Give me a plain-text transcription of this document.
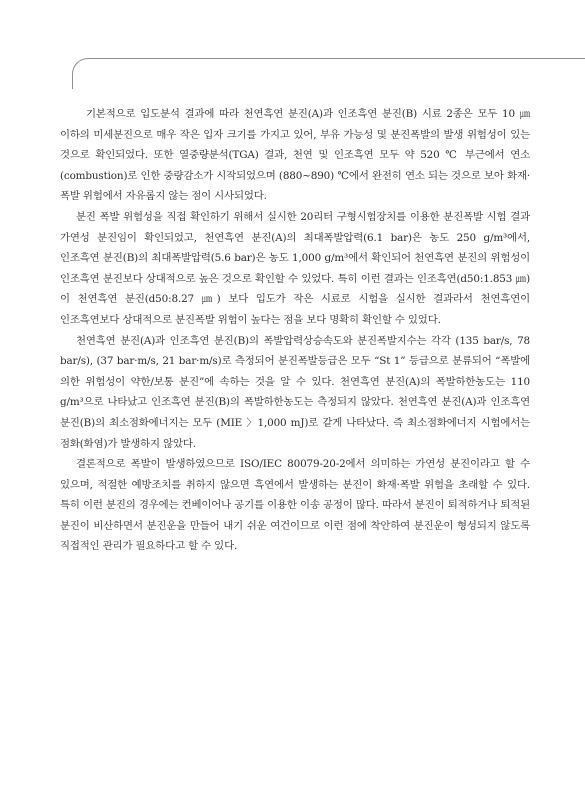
기본적으로 입도분석 결과에 따라 천연흑연 분진(A)과 인조흑연 분진(B) 시료 2종은 모두 10 ㎛ 이하의 미세분진으로 매우 작은 입자 크기를 가지고 있어, 부유 가능성 및 분진폭발의 발생 위험성이 있는 것으로 확인되었다. 또한 열중량분석(TGA) 결과, 천연 및 인조흑연 모두 약 520 ℃ 부근에서 연소(combustion)로 인한 중량감소가 시작되었으며 (880~890) ℃에서 완전히 연소 되는 것으로 보아 화재·폭발 위험에서 자유롭지 않는 점이 시사되었다.

분진 폭발 위험성을 직접 확인하기 위해서 실시한 20리터 구형시험장치를 이용한 분진폭발 시험 결과 가연성 분진임이 확인되었고, 천연흑연 분진(A)의 최대폭발압력(6.1 bar)은 농도 250 g/m³에서, 인조흑연 분진(B)의 최대폭발압력(5.6 bar)은 농도 1,000 g/m³에서 확인되어 천연흑연 분진의 위험성이 인조흑연 분진보다 상대적으로 높은 것으로 확인할 수 있었다. 특히 이런 결과는 인조흑연(d50:1.853 ㎛)이 천연흑연 분진(d50:8.27 ㎛) 보다 입도가 작은 시료로 시험을 실시한 결과라서 천연흑연이 인조흑연보다 상대적으로 분진폭발 위험이 높다는 점을 보다 명확히 확인할 수 있었다.

천연흑연 분진(A)과 인조흑연 분진(B)의 폭발압력상승속도와 분진폭발지수는 각각 (135 bar/s, 78 bar/s), (37 bar·m/s, 21 bar·m/s)로 측정되어 분진폭발등급은 모두 “St 1” 등급으로 분류되어 “폭발에 의한 위험성이 약한/보통 분진”에 속하는 것을 알 수 있다. 천연흑연 분진(A)의 폭발하한농도는 110 g/m³으로 나타났고 인조흑연 분진(B)의 폭발하한농도는 측정되지 않았다. 천연흑연 분진(A)과 인조흑연 분진(B)의 최소점화에너지는 모두 (MIE 〉1,000 mJ)로 같게 나타났다. 즉 최소점화에너지 시험에서는 점화(화염)가 발생하지 않았다.

결론적으로 폭발이 발생하였으므로 ISO/IEC 80079-20-2에서 의미하는 가연성 분진이라고 할 수 있으며, 적절한 예방조치를 취하지 않으면 흑연에서 발생하는 분진이 화재·폭발 위험을 초래할 수 있다. 특히 이런 분진의 경우에는 컨베이어나 공기를 이용한 이송 공정이 많다. 따라서 분진이 퇴적하거나 퇴적된 분진이 비산하면서 분진운을 만들어 내기 쉬운 여건이므로 이런 점에 착안하여 분진운이 형성되지 않도록 직접적인 관리가 필요하다고 할 수 있다.
